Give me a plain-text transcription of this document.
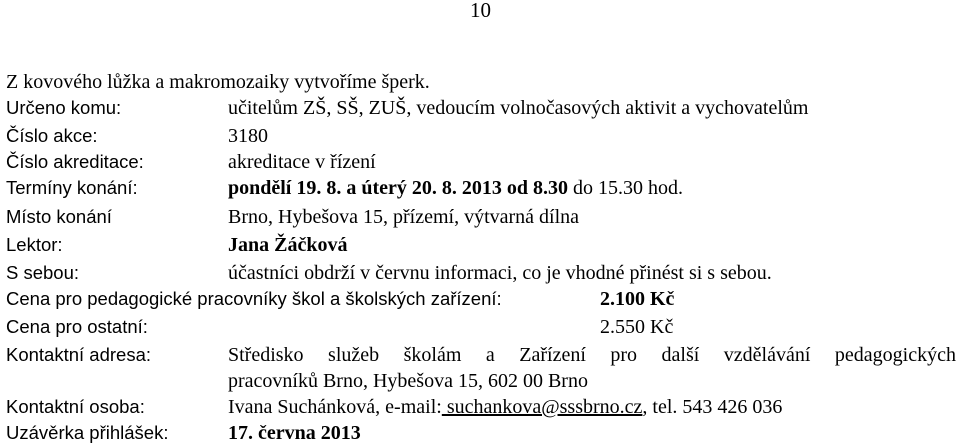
10
Z kovového lůžka a makromozaiky vytvoříme šperk.
Určeno komu:	učitelům ZŠ, SŠ, ZUŠ, vedoucím volnočasových aktivit a vychovatelům
Číslo akce:	3180
Číslo akreditace:	akreditace v řízení
Termíny konání:	pondělí 19. 8. a úterý 20. 8. 2013 od 8.30 do 15.30 hod.
Místo konání	Brno, Hybešova 15, přízemí, výtvarná dílna
Lektor:	Jana Žáčková
S sebou:	účastníci obdrží v červnu informaci, co je vhodné přinést si s sebou.
Cena pro pedagogické pracovníky škol a školských zařízení:	2.100 Kč
Cena pro ostatní:	2.550 Kč
Kontaktní adresa:	Středisko služeb školám a Zařízení pro další vzdělávání pedagogických
pracovníků Brno, Hybešova 15, 602 00 Brno
Kontaktní osoba:	Ivana Suchánková, e-mail: suchankova@sssbrno.cz, tel. 543 426 036
Uzávěrka přihlášek:	17. června 2013
